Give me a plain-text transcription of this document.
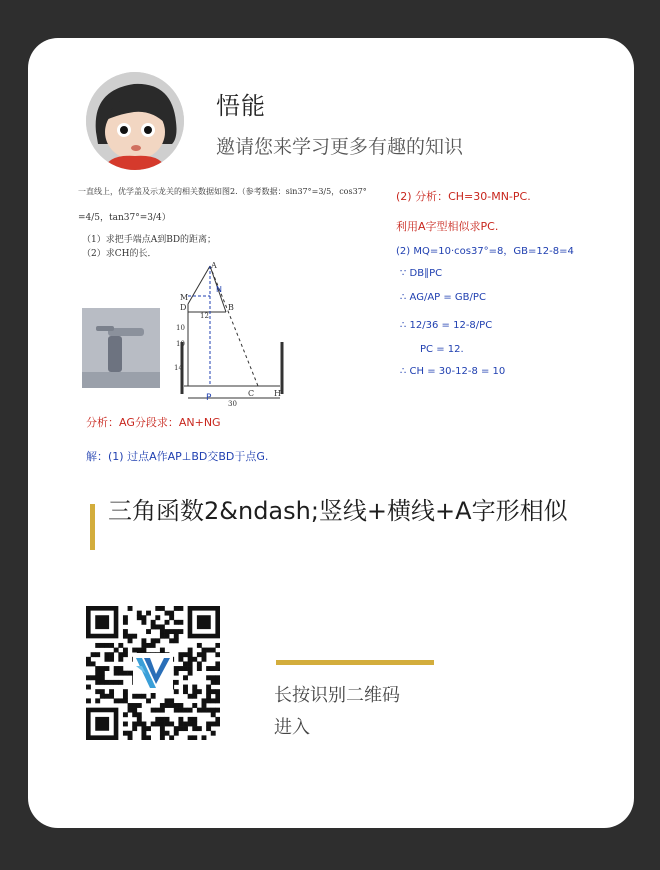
悟能
邀请您来学习更多有趣的知识
一直线上，优学盖及示龙关的相关数据如图2.（参考数据：sin37°=3/5，cos37°
=4/5，tan37°=3/4）
（1）求把手端点A到BD的距离；
（2）求CH的长．
A
N
M
D	B
P	C H
10
10
12
14
30
分析：AG分段求：AN+NG
解：(1) 过点A作AP⊥BD交BD于点G.
(2) 分析：CH=30-MN-PC.
利用A字型相似求PC.
(2) MQ=10·cos37°=8，GB=12-8=4
∵ DB∥PC
∴ AG/AP = GB/PC
∴ 12/36 = 12-8/PC
PC = 12.
∴ CH = 30-12-8 = 10
三角函数2&ndash;竖线+横线+A字形相似
长按识别二维码
进入
